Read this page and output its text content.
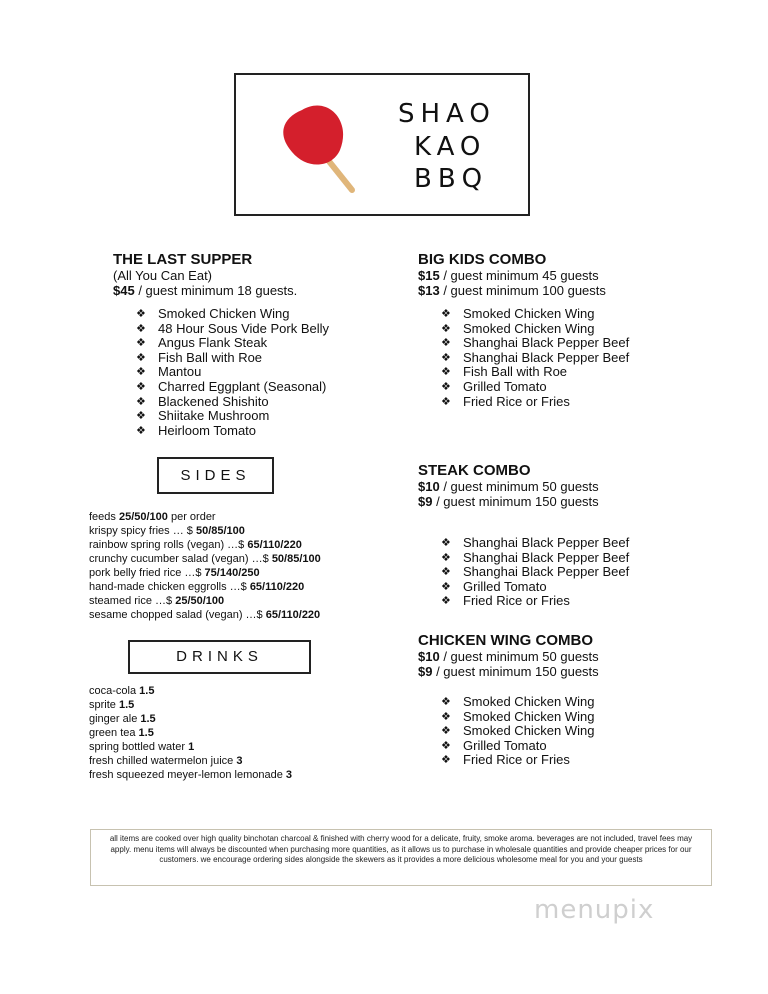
SHAO
KAO
BBQ
THE LAST SUPPER
(All You Can Eat)
$45 / guest minimum 18 guests.
❖ Smoked Chicken Wing
❖ 48 Hour Sous Vide Pork Belly
❖ Angus Flank Steak
❖ Fish Ball with Roe
❖ Mantou
❖ Charred Eggplant (Seasonal)
❖ Blackened Shishito
❖ Shiitake Mushroom
❖ Heirloom Tomato
BIG KIDS COMBO
$15 / guest minimum 45 guests
$13 / guest minimum 100 guests
❖ Smoked Chicken Wing
❖ Smoked Chicken Wing
❖ Shanghai Black Pepper Beef
❖ Shanghai Black Pepper Beef
❖ Fish Ball with Roe
❖ Grilled Tomato
❖ Fried Rice or Fries
SIDES
feeds 25/50/100 per order
krispy spicy fries … $ 50/85/100
rainbow spring rolls (vegan) …$ 65/110/220
crunchy cucumber salad (vegan) …$ 50/85/100
pork belly fried rice …$ 75/140/250
hand-made chicken eggrolls …$ 65/110/220
steamed rice …$ 25/50/100
sesame chopped salad (vegan) …$ 65/110/220
DRINKS
coca-cola 1.5
sprite 1.5
ginger ale 1.5
green tea 1.5
spring bottled water 1
fresh chilled watermelon juice 3
fresh squeezed meyer-lemon lemonade 3
STEAK COMBO
$10 / guest minimum 50 guests
$9 / guest minimum 150 guests
❖ Shanghai Black Pepper Beef
❖ Shanghai Black Pepper Beef
❖ Shanghai Black Pepper Beef
❖ Grilled Tomato
❖ Fried Rice or Fries
CHICKEN WING COMBO
$10 / guest minimum 50 guests
$9 / guest minimum 150 guests
❖ Smoked Chicken Wing
❖ Smoked Chicken Wing
❖ Smoked Chicken Wing
❖ Grilled Tomato
❖ Fried Rice or Fries
all items are cooked over high quality binchotan charcoal & finished with cherry wood for a delicate, fruity, smoke aroma. beverages are not included, travel fees may apply. menu items will always be discounted when purchasing more quantities, as it allows us to purchase in wholesale quantities and provide cheaper prices for our customers. we encourage ordering sides alongside the skewers as it provides a more delicious wholesome meal for you and your guests
menupix
